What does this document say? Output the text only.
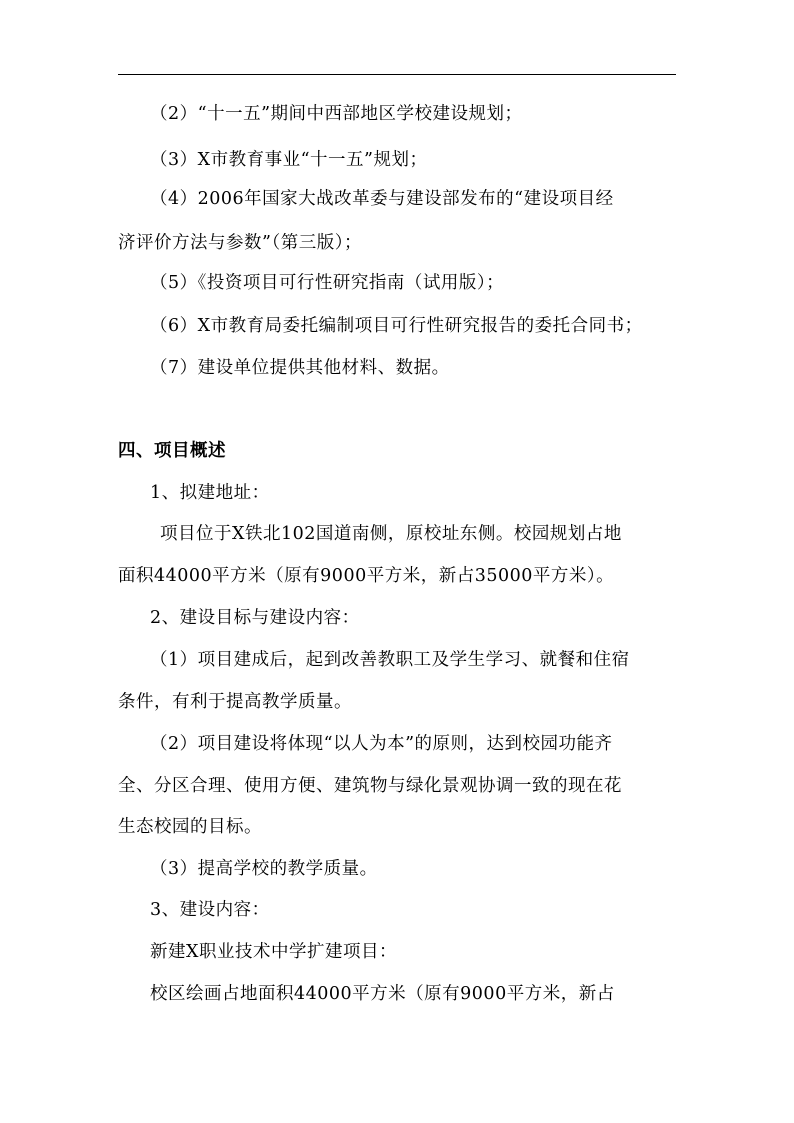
（2）“十一五”期间中西部地区学校建设规划；
（3）X市教育事业“十一五”规划；
（4）2006年国家大战改革委与建设部发布的“建设项目经
济评价方法与参数”（第三版）；
（5）《投资项目可行性研究指南（试用版）；
（6）X市教育局委托编制项目可行性研究报告的委托合同书；
（7）建设单位提供其他材料、数据。
四、项目概述
1、拟建地址：
项目位于X铁北102国道南侧，原校址东侧。校园规划占地
面积44000平方米（原有9000平方米，新占35000平方米）。
2、建设目标与建设内容：
（1）项目建成后，起到改善教职工及学生学习、就餐和住宿
条件，有利于提高教学质量。
（2）项目建设将体现“以人为本”的原则，达到校园功能齐
全、分区合理、使用方便、建筑物与绿化景观协调一致的现在花
生态校园的目标。
（3）提高学校的教学质量。
3、建设内容：
新建X职业技术中学扩建项目：
校区绘画占地面积44000平方米（原有9000平方米，新占
